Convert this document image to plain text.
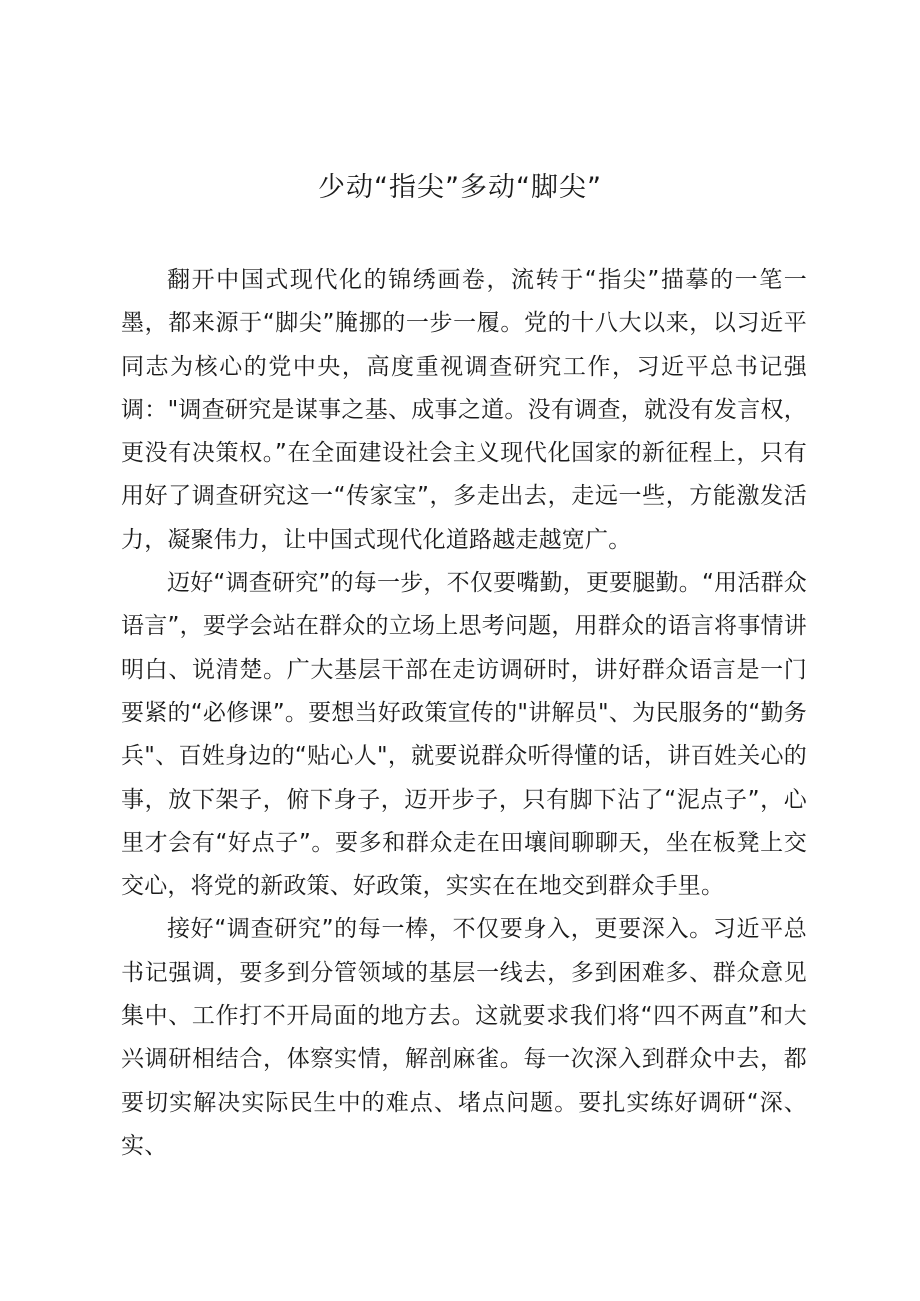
少动“指尖”多动“脚尖”

翻开中国式现代化的锦绣画卷，流转于“指尖”描摹的一笔一墨，都来源于“脚尖”腌挪的一步一履。党的十八大以来，以习近平同志为核心的党中央，高度重视调查研究工作，习近平总书记强调："调查研究是谋事之基、成事之道。没有调查，就没有发言权，更没有决策权。”在全面建设社会主义现代化国家的新征程上，只有用好了调查研究这一“传家宝”，多走出去，走远一些，方能激发活力，凝聚伟力，让中国式现代化道路越走越宽广。

迈好“调查研究”的每一步，不仅要嘴勤，更要腿勤。“用活群众语言”，要学会站在群众的立场上思考问题，用群众的语言将事情讲明白、说清楚。广大基层干部在走访调研时，讲好群众语言是一门要紧的“必修课”。要想当好政策宣传的"讲解员"、为民服务的“勤务兵"、百姓身边的“贴心人"，就要说群众听得懂的话，讲百姓关心的事，放下架子，俯下身子，迈开步子，只有脚下沾了“泥点子”，心里才会有“好点子”。要多和群众走在田壤间聊聊天，坐在板凳上交交心，将党的新政策、好政策，实实在在地交到群众手里。

接好“调查研究”的每一棒，不仅要身入，更要深入。习近平总书记强调，要多到分管领域的基层一线去，多到困难多、群众意见集中、工作打不开局面的地方去。这就要求我们将“四不两直”和大兴调研相结合，体察实情，解剖麻雀。每一次深入到群众中去，都要切实解决实际民生中的难点、堵点问题。要扎实练好调研“深、实、
